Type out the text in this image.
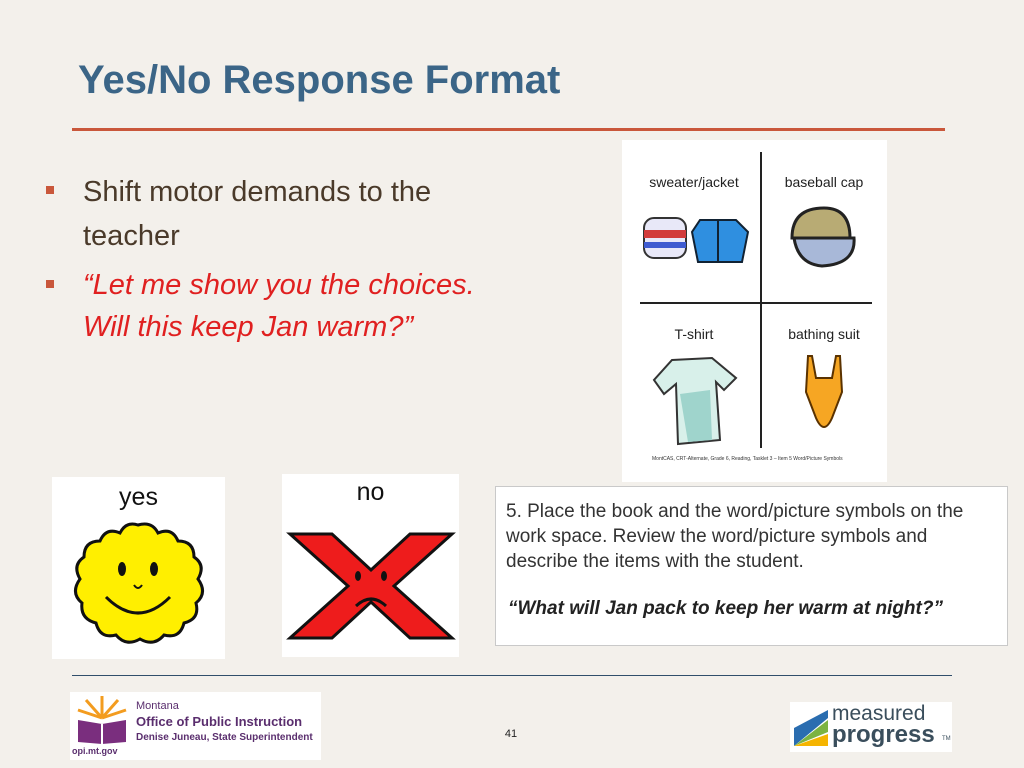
Yes/No Response Format
Shift motor demands to the teacher
“Let me show you the choices. Will this keep Jan warm?”
sweater/jacket	baseball cap
T-shirt	bathing suit
MontCAS, CRT-Alternate, Grade 6, Reading, Tasklet 3 – Item 5 Word/Picture Symbols
yes	no
5. Place the book and the word/picture symbols on the work space. Review the word/picture symbols and describe the items with the student.
“What will Jan pack to keep her warm at night?”
Montana
Office of Public Instruction
Denise Juneau, State Superintendent
opi.mt.gov
41
measured
progress TM
